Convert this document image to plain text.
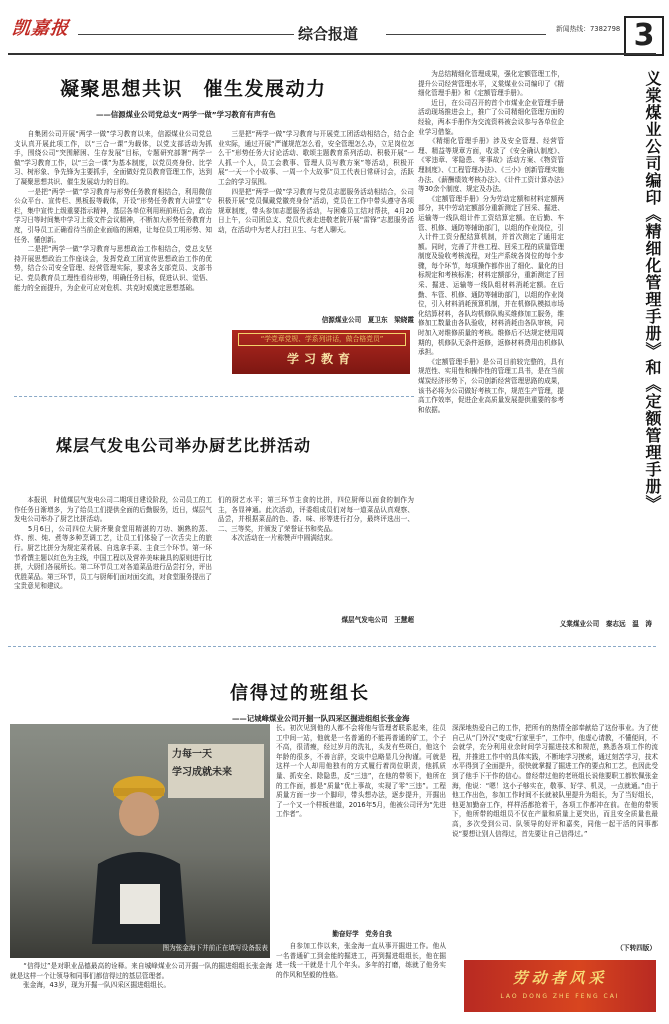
凯嘉报	综合报道	新闻热线：7382798 3
凝聚思想共识　催生发展动力
——信源煤业公司党总支“两学一做”学习教育有声有色
　　自集团公司开展“两学一做”学习教育以来，信源煤业公司党总支认真开展此项工作，以“三合一课”为载体，以党支部活动为抓手，围绕公司“突围解困、生存发展”目标，专题研究部署“两学一做”学习教育工作，以“三会一课”为基本制度，以党员亮身份、比学习、树形象、争先锋为主要抓手，全面做好党员教育管理工作，达到了凝聚思想共识、催生发展动力的目的。
　　一是把“两学一做”学习教育与形势任务教育相结合，利用微信公众平台、宣传栏、黑板报等载体，开设“形势任务教育大讲堂”专栏，集中宣传上级重要指示精神，基层各单位利用班前班后会，政治学习日等时间集中学习上级文件会议精神，不断加大形势任务教育力度，引导员工正确看待当前企业面临的困难，让每位员工明形势、知任务、懂创新。
　　二是把“两学一做”学习教育与思想政治工作相结合，党总支坚持开展思想政治工作座谈会，发挥党政工团宣传思想政治工作的优势，结合公司安全管理、经营管理实际，要求各支部党员、支部书记、党员教育员工理性看待形势，明确任务目标，促进认识、觉悟、能力的全面提升，为企业可应对危机、共克时艰奠定思想基础。
　　三是把“两学一做”学习教育与开展党工团活动相结合，结合企业实际，通过开展“严谨规范怎么看，安全管理怎么办，立足岗位怎么干”形势任务大讨论活动、歌颂主题教育系列活动、积极开展“一人抓一个人，员工会教事、管理人员写教方案”等活动，积极开展“一天一个小故事、一周一个大故事”员工代表日常研讨会，活跃工会的学习氛围。
　　四是把“两学一做”学习教育与党员志愿服务活动相结合，公司积极开展“党员佩戴党徽亮身份”活动，党员在工作中带头遵守各项规章制度，带头参加志愿服务活动，与困难员工结对帮扶，4月20日上午，公司团总支、党员代表走进敬老院开展“雷锋”志愿服务活动，在活动中为老人打扫卫生、与老人聊天。
信源煤业公司　夏卫东　梁晓霞
“学党章党规、学系列讲话，做合格党员”
学习教育
煤层气发电公司举办厨艺比拼活动
　　本报讯　时值煤层气发电公司二期项目建设阶段，公司员工的工作任务日渐增多，为了给员工们提供全面的后勤服务，近日，煤层气发电公司举办了厨艺比拼活动。
　　5月6日，公司四位大厨齐聚食堂用精湛的刀功、娴熟的蒸、炸、煎、炖、煮等多种烹调工艺，让员工们体验了一次舌尖上的旅行。厨艺比拼分为规定菜肴展、自选拿手菜、主食三个环节。第一环节肴馔主题以红色为主线，中国工程以及营养美味兼具的原则进行比拼，大厨们各展所长。第二环节员工对各道菜品进行品尝打分，评出优胜菜品。第三环节，员工与厨师们面对面交流，对食堂服务提出了宝贵意见和建议。
们的厨艺水平；第三环节主食的比拼，四位厨师以面食的制作为主，各显神通。此次活动，评委组成员们对每一道菜品认真观察、品尝，并根据菜品的色、香、味、形等进行打分，最终评选出一、二、三等奖，并颁发了荣誉证书和奖品。
　　本次活动在一片称赞声中圆满结束。
煤层气发电公司　王慧超
　　为总结精细化管理成果，强化定额管理工作，提升公司经营管理水平，义棠煤业公司编印了《精细化管理手册》和《定额管理手册》。
　　近日，在公司召开的首个市煤业企业管理手册活动现场推进会上，推广了公司精细化管理方面的经验，两本手册作为交流资料被会议参与各单位企业学习借鉴。
　　《精细化管理手册》涉及安全管理、经营管理、精益等规章方面，收录了《安全确认制度》、《零违章、零隐患、零事故》活动方案、《物资管理制度》、《工程管理办法》、《三小》创新管理实施办法、《薪酬绩效考核办法》、《计件工资计算办法》等30余个制度、规定及办法。
　　《定额管理手册》分为劳动定额和材料定额两部分，其中劳动定额部分重新测定了回采、掘进、运输等一线队组计件工资结算定额。在后勤、车管、机修、通防等辅助部门，以组的作业岗位，引入计件工资分配结算机制，并首次测定了通用定额。同时，完善了井巷工程、回采工程的质量管理制度及验收考核流程，对生产系统各岗位的每个步骤，每个环节，每项操作都作出了细化、量化的目标规定和考核标准；材料定额部分，重新测定了回采、掘进、运输等一线队组材料消耗定额。在后勤、车管、机修、通防等辅助部门，以组的作业岗位，引入材料消耗预算机制，并在机修队模拟市场化结算材料，各队均机修队购买维修加工服务，维修加工数量由各队验收，材料消耗由各队审核，同时加入对维修质量的考核。维修后不达规定使用周期的，机修队无条件返修，返修材料费用由机修队承担。
　　《定额管理手册》是公司目前较完整的，具有规范性、实用性和操作性的管理工具书，是在当前煤炭经济形势下，公司创新经营管理思路的成果，该书必将为公司做好考核工作，规范生产管理，提高工作效率，促进企业高质量发展提供重要的参考和依据。	义棠煤业公司编印《精细化管理手册》和《定额管理手册》
义棠煤业公司　秦志远　温　涛
信得过的班组长
——记城峰煤业公司开掘一队四采区掘进组组长张金海
力每一天
学习成就未来
图为张金海下井前正在填写设备报表
　　“信得过”是对职业品德最高的诠释。来自城峰煤业公司开掘一队的掘进组组长张金海就是这样一个让领导和同事们都信得过的基层管理者。
　　张金海，43岁，现为开掘一队四采区掘进组组长。
长。初次见到他的人都不会将他与管理者联系起来，往员工中间一站，他就是一名普通的不能再普通的矿工，个子不高，很清瘦，经过岁月的洗礼，头发有些斑白，他这个年龄的很多，不善言辞，交谈中总略显几分拘谨。可就是这样一个人却用他独有的方式履行着岗位职责，他抓质量、抓安全、除隐患，反“三违”，在他的带领下，他所在的工作面，都是“质量”优上事故，实现了零“三违”。工程质量方面一步一个脚印，带头想办法，逐步提升，开掘出了一个又一个样板巷道，2016年5月，他被公司评为“先进工作者”。
勤奋好学　党务自我
　　自参加工作以来，张金海一直从事开掘进工作。他从一名普通矿工到金能的掘进工，再到掘进组组长，他在掘进一线一干就是十几个年头。多年的打磨，练就了他务实的作风和坚毅的性格。
深深地热爱自己的工作，把所有的热情全部奉献给了这份事业。为了使自己从“门外汉”变成“行家里手”，工作中，他虚心请教，不懂便问，不会就学，充分利用业余时间学习掘进技术和规范，熟悉各项工作的流程，并推进工作中的具体实践，不断地学习摸索，通过刻苦学习，技术水平得到了全面提升，很快就掌握了掘进工作的要点和工艺，也因此受到了他手下干作的信心。曾经带过他的老班组长说他要职工都钦佩张金海，他说：“嗯！这小子够实在，敬事、好学、机灵，一点就通。”由于他工作出色，参加工作时间不长就被队里提升为组长，为了当好组长，他更加勤奋工作，样样活都抢着干，各项工作都冲在前。在他的带领下，他所带的组组员不仅在产量和质量上更突出，而且安全质量也最高，多次受到公司、队领导的好评和嘉奖，同他一起干活的同事都说“要想让别人信得过，首先要让自己信得过。”
（下转四版）
劳动者风采
LAO DONG ZHE FENG CAI
